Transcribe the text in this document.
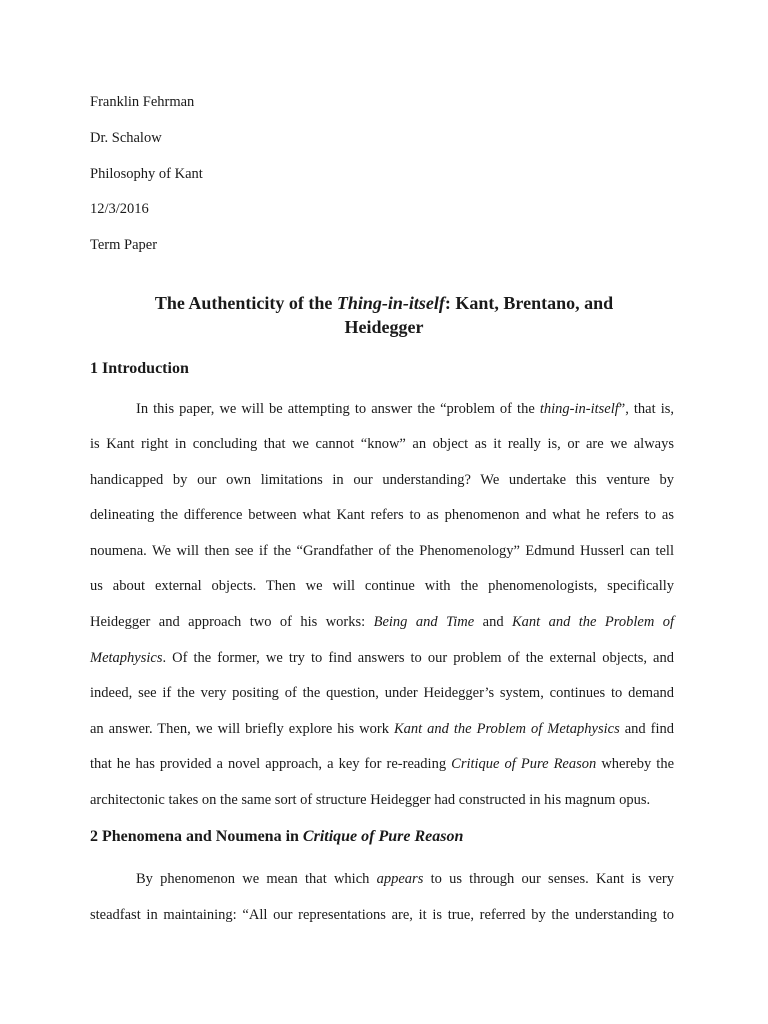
Franklin Fehrman
Dr. Schalow
Philosophy of Kant
12/3/2016
Term Paper
The Authenticity of the Thing-in-itself: Kant, Brentano, and
Heidegger
1 Introduction
In this paper, we will be attempting to answer the “problem of the thing-in-itself”, that is,
is Kant right in concluding that we cannot “know” an object as it really is, or are we always
handicapped by our own limitations in our understanding? We undertake this venture by
delineating the difference between what Kant refers to as phenomenon and what he refers to as
noumena. We will then see if the “Grandfather of the Phenomenology” Edmund Husserl can tell
us about external objects. Then we will continue with the phenomenologists, specifically
Heidegger and approach two of his works: Being and Time and Kant and the Problem of
Metaphysics. Of the former, we try to find answers to our problem of the external objects, and
indeed, see if the very positing of the question, under Heidegger’s system, continues to demand
an answer. Then, we will briefly explore his work Kant and the Problem of Metaphysics and find
that he has provided a novel approach, a key for re-reading Critique of Pure Reason whereby the
architectonic takes on the same sort of structure Heidegger had constructed in his magnum opus.
2 Phenomena and Noumena in Critique of Pure Reason
By phenomenon we mean that which appears to us through our senses. Kant is very
steadfast in maintaining: “All our representations are, it is true, referred by the understanding to
